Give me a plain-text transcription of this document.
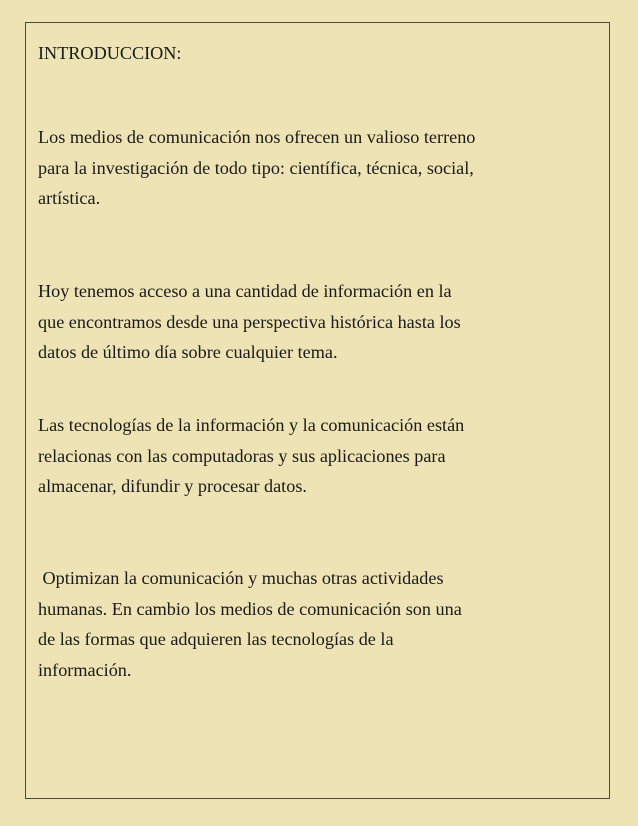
INTRODUCCION:

Los medios de comunicación nos ofrecen un valioso terreno
para la investigación de todo tipo: científica, técnica, social,
artística.

Hoy tenemos acceso a una cantidad de información en la
que encontramos desde una perspectiva histórica hasta los
datos de último día sobre cualquier tema.

Las tecnologías de la información y la comunicación están
relacionas con las computadoras y sus aplicaciones para
almacenar, difundir y procesar datos.

Optimizan la comunicación y muchas otras actividades
humanas. En cambio los medios de comunicación son una
de las formas que adquieren las tecnologías de la
información.
